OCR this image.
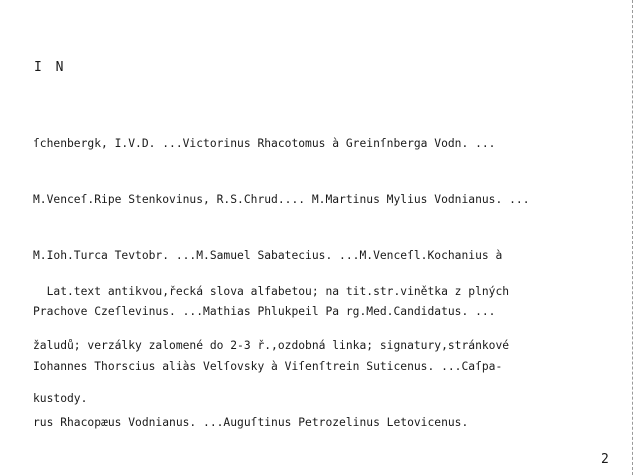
I N

ſchenbergk, I.V.D. ...Victorinus Rhacotomus à Greinſnberga Vodn. ...

M.Venceſ.Ripe Stenkovinus, R.S.Chrud.... M.Martinus Mylius Vodnianus. ...

M.Ioh.Turca Tevtobr. ...M.Samuel Sabatecius. ...M.Venceſl.Kochanius à

Prachove Czeſlevinus. ...Mathias Phlukpeil Pa rg.Med.Candidatus. ...

Iohannes Thorscius aliàs Velſovsky à Viſenſtrein Suticenus. ...Caſpa-

rus Rhacopæus Vodnianus. ...Auguſtinus Petrozelinus Letovicenus.

Lat.text antikvou,řecká slova alfabetou; na tit.str.vinětka z plných

žaludů; verzálky zalomené do 2-3 ř.,ozdobná linka; signatury,stránkové

kustody.

2
